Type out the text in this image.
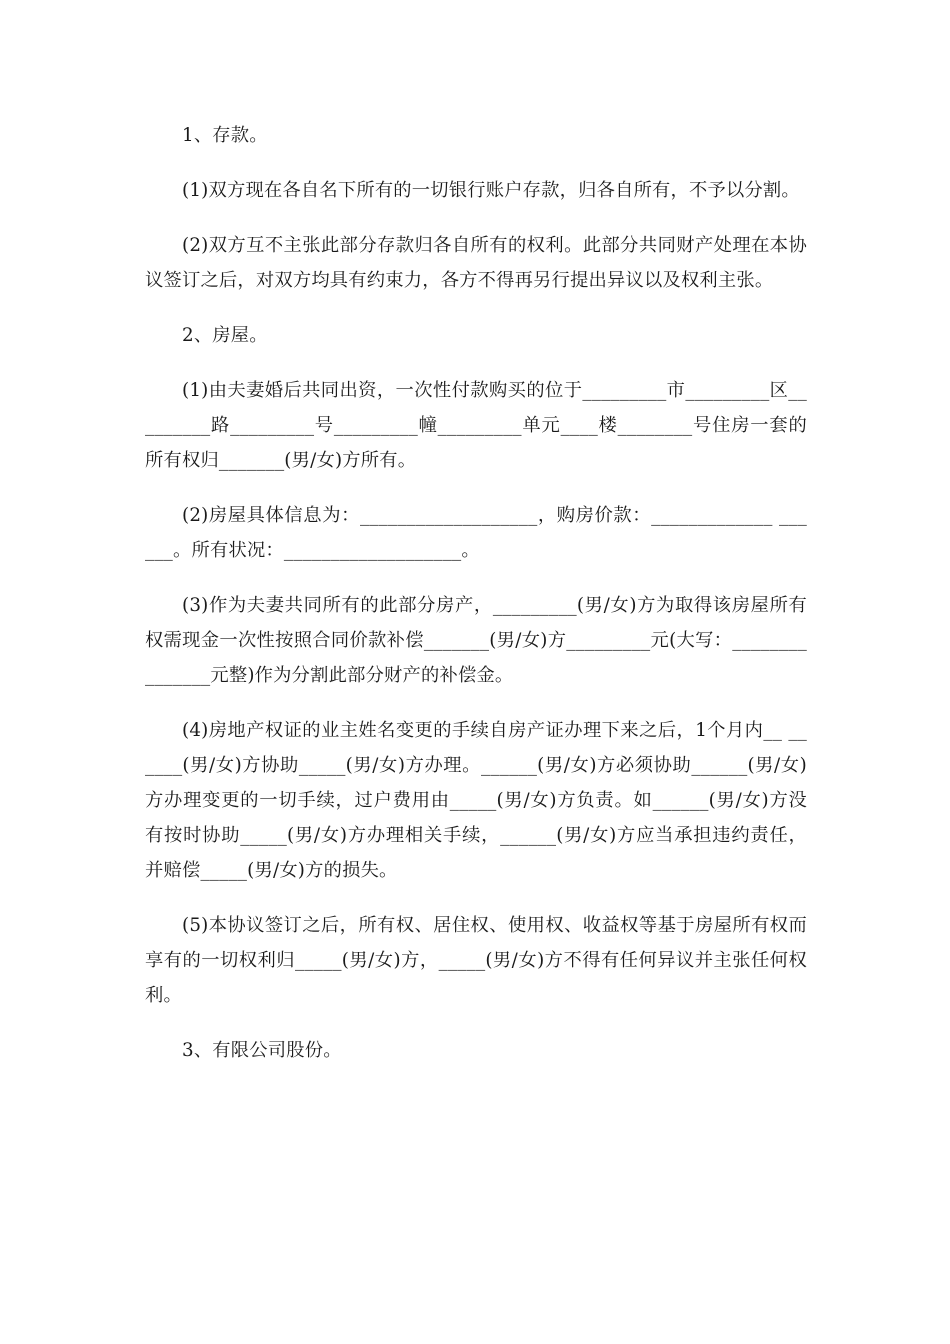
1、存款。

(1)双方现在各自名下所有的一切银行账户存款，归各自所有，不予以分割。

(2)双方互不主张此部分存款归各自所有的权利。此部分共同财产处理在本协议签订之后，对双方均具有约束力，各方不得再另行提出异议以及权利主张。

2、房屋。

(1)由夫妻婚后共同出资，一次性付款购买的位于_________市_________区_________路_________号_________幢_________单元____楼________号住房一套的所有权归_______(男/女)方所有。

(2)房屋具体信息为：___________________，购房价款：_____________ ______。所有状况：___________________。

(3)作为夫妻共同所有的此部分房产，_________(男/女)方为取得该房屋所有权需现金一次性按照合同价款补偿_______(男/女)方_________元(大写：_______________元整)作为分割此部分财产的补偿金。

(4)房地产权证的业主姓名变更的手续自房产证办理下来之后，1个月内__ ______(男/女)方协助_____(男/女)方办理。______(男/女)方必须协助______(男/女)方办理变更的一切手续，过户费用由_____(男/女)方负责。如______(男/女)方没有按时协助_____(男/女)方办理相关手续，______(男/女)方应当承担违约责任，并赔偿_____(男/女)方的损失。

(5)本协议签订之后，所有权、居住权、使用权、收益权等基于房屋所有权而享有的一切权利归_____(男/女)方，_____(男/女)方不得有任何异议并主张任何权利。

3、有限公司股份。
